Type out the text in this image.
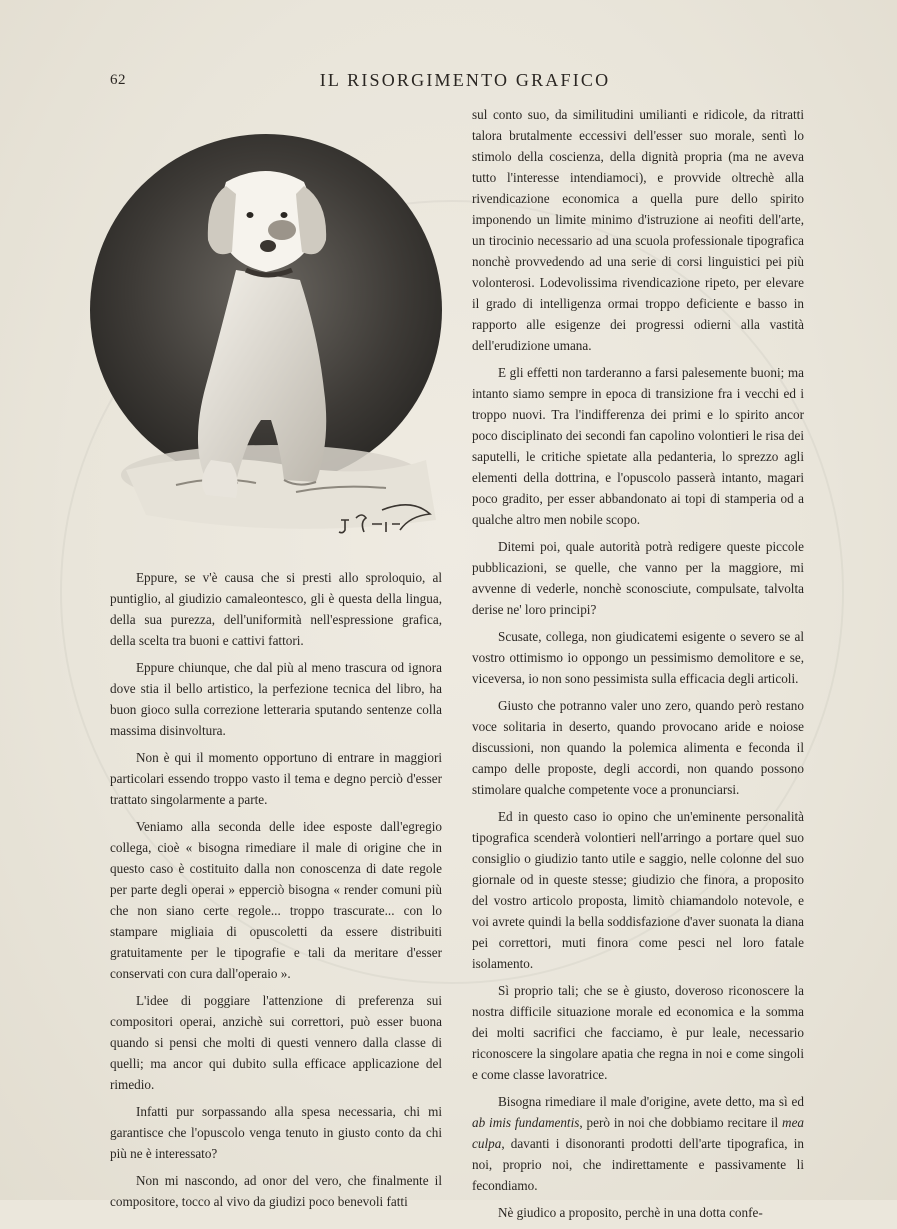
62	IL RISORGIMENTO GRAFICO

Eppure, se v'è causa che si presti allo sproloquio, al puntiglio, al giudizio camaleontesco, gli è questa della lingua, della sua purezza, dell'uniformità nell'espressione grafica, della scelta tra buoni e cattivi fattori.

Eppure chiunque, che dal più al meno trascura od ignora dove stia il bello artistico, la perfezione tecnica del libro, ha buon gioco sulla correzione letteraria sputando sentenze colla massima disinvoltura.

Non è qui il momento opportuno di entrare in maggiori particolari essendo troppo vasto il tema e degno perciò d'esser trattato singolarmente a parte.

Veniamo alla seconda delle idee esposte dall'egregio collega, cioè « bisogna rimediare il male di origine che in questo caso è costituito dalla non conoscenza di date regole per parte degli operai » epperciò bisogna « render comuni più che non siano certe regole... troppo trascurate... con lo stampare migliaia di opuscoletti da essere distribuiti gratuitamente per le tipografie e tali da meritare d'esser conservati con cura dall'operaio ».

L'idee di poggiare l'attenzione di preferenza sui compositori operai, anzichè sui correttori, può esser buona quando si pensi che molti di questi vennero dalla classe di quelli; ma ancor qui dubito sulla efficace applicazione del rimedio.

Infatti pur sorpassando alla spesa necessaria, chi mi garantisce che l'opuscolo venga tenuto in giusto conto da chi più ne è interessato?

Non mi nascondo, ad onor del vero, che finalmente il compositore, tocco al vivo da giudizi poco benevoli fatti

sul conto suo, da similitudini umilianti e ridicole, da ritratti talora brutalmente eccessivi dell'esser suo morale, sentì lo stimolo della coscienza, della dignità propria (ma ne aveva tutto l'interesse intendiamoci), e provvide oltrechè alla rivendicazione economica a quella pure dello spirito imponendo un limite minimo d'istruzione ai neofiti dell'arte, un tirocinio necessario ad una scuola professionale tipografica nonchè provvedendo ad una serie di corsi linguistici pei più volonterosi. Lodevolissima rivendicazione ripeto, per elevare il grado di intelligenza ormai troppo deficiente e basso in rapporto alle esigenze dei progressi odierni alla vastità dell'erudizione umana.

E gli effetti non tarderanno a farsi palesemente buoni; ma intanto siamo sempre in epoca di transizione fra i vecchi ed i troppo nuovi. Tra l'indifferenza dei primi e lo spirito ancor poco disciplinato dei secondi fan capolino volontieri le risa dei saputelli, le critiche spietate alla pedanteria, lo sprezzo agli elementi della dottrina, e l'opuscolo passerà intanto, magari poco gradito, per esser abbandonato ai topi di stamperia od a qualche altro men nobile scopo.

Ditemi poi, quale autorità potrà redigere queste piccole pubblicazioni, se quelle, che vanno per la maggiore, mi avvenne di vederle, nonchè sconosciute, compulsate, talvolta derise ne' loro principi?

Scusate, collega, non giudicatemi esigente o severo se al vostro ottimismo io oppongo un pessimismo demolitore e se, viceversa, io non sono pessimista sulla efficacia degli articoli.

Giusto che potranno valer uno zero, quando però restano voce solitaria in deserto, quando provocano aride e noiose discussioni, non quando la polemica alimenta e feconda il campo delle proposte, degli accordi, non quando possono stimolare qualche competente voce a pronunciarsi.

Ed in questo caso io opino che un'eminente personalità tipografica scenderà volontieri nell'arringo a portare quel suo consiglio o giudizio tanto utile e saggio, nelle colonne del suo giornale od in queste stesse; giudizio che finora, a proposito del vostro articolo proposta, limitò chiamandolo notevole, e voi avrete quindi la bella soddisfazione d'aver suonata la diana pei correttori, muti finora come pesci nel loro fatale isolamento.

Sì proprio tali; che se è giusto, doveroso riconoscere la nostra difficile situazione morale ed economica e la somma dei molti sacrifici che facciamo, è pur leale, necessario riconoscere la singolare apatia che regna in noi e come singoli e come classe lavoratrice.

Bisogna rimediare il male d'origine, avete detto, ma sì ed ab imis fundamentis, però in noi che dobbiamo recitare il mea culpa, davanti i disonoranti prodotti dell'arte tipografica, in noi, proprio noi, che indirettamente e passivamente li fecondiamo.

Nè giudico a proposito, perchè in una dotta confe-
